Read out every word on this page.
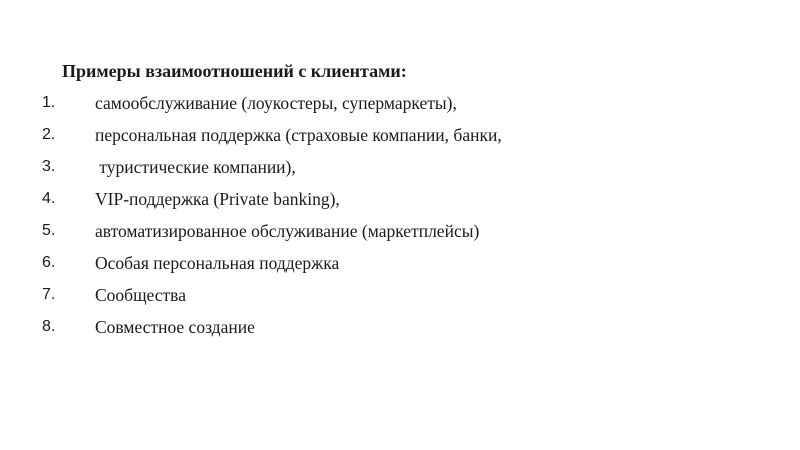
Примеры взаимоотношений с клиентами:

1. самообслуживание (лоукостеры, супермаркеты),
2. персональная поддержка (страховые компании, банки,
3. туристические компании),
4. VIP-поддержка (Private banking),
5. автоматизированное обслуживание (маркетплейсы)
6. Особая персональная поддержка
7. Сообщества
8. Совместное создание
